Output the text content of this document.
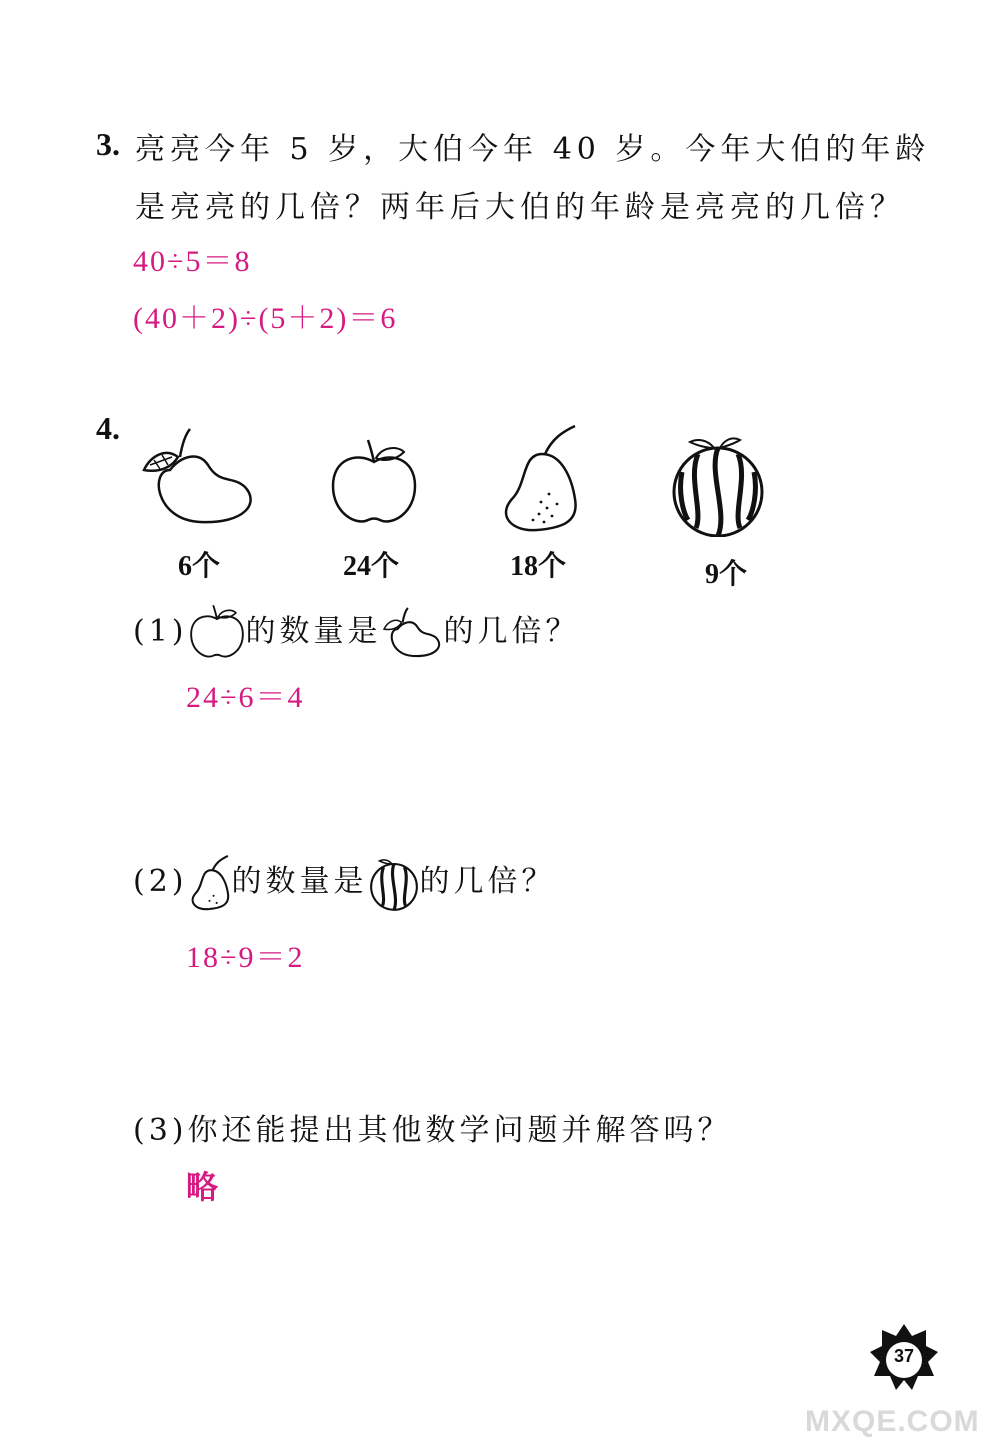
3. 亮亮今年 5 岁，大伯今年 40 岁。今年大伯的年龄
是亮亮的几倍？两年后大伯的年龄是亮亮的几倍？
40÷5＝8
(40＋2)÷(5＋2)＝6
4.
6个	24个	18个	9个
(1) 的数量是 的几倍？
24÷6＝4
(2) 的数量是 的几倍？
18÷9＝2
(3)你还能提出其他数学问题并解答吗？
略
37
MXQE.COM
